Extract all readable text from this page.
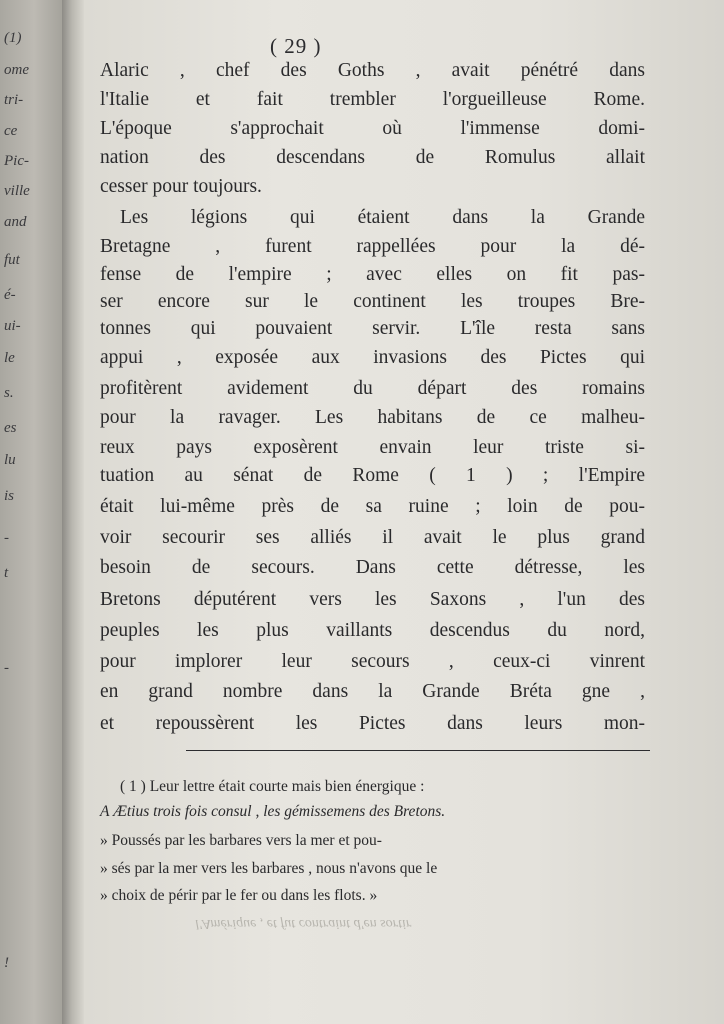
(1)
ome
tri-
ce
Pic-
ville
and
fut
é-
ui-
le
s.
es
lu
is
-
t
-
!
( 29 )
Alaric , chef des Goths , avait pénétré dans
l'Italie et fait trembler l'orgueilleuse Rome.
L'époque s'approchait où l'immense domi-
nation des descendans de Romulus allait
cesser pour toujours.
Les légions qui étaient dans la Grande
Bretagne , furent rappellées pour la dé-
fense de l'empire ; avec elles on fit pas-
ser encore sur le continent les troupes Bre-
tonnes qui pouvaient servir. L'île resta sans
appui , exposée aux invasions des Pictes qui
profitèrent avidement du départ des romains
pour la ravager. Les habitans de ce malheu-
reux pays exposèrent envain leur triste si-
tuation au sénat de Rome ( 1 ) ; l'Empire
était lui-même près de sa ruine ; loin de pou-
voir secourir ses alliés il avait le plus grand
besoin de secours. Dans cette détresse, les
Bretons députérent vers les Saxons , l'un des
peuples les plus vaillants descendus du nord,
pour implorer leur secours , ceux-ci vinrent
en grand nombre dans la Grande Bréta gne ,
et repoussèrent les Pictes dans leurs mon-
( 1 ) Leur lettre était courte mais bien énergique :
A Ætius trois fois consul , les gémissemens des Bretons.
» Poussés par les barbares vers la mer et pou-
» sés par la mer vers les barbares , nous n'avons que le
» choix de périr par le fer ou dans les flots. »
l'Amérique , et fut contraint d'en sortir
